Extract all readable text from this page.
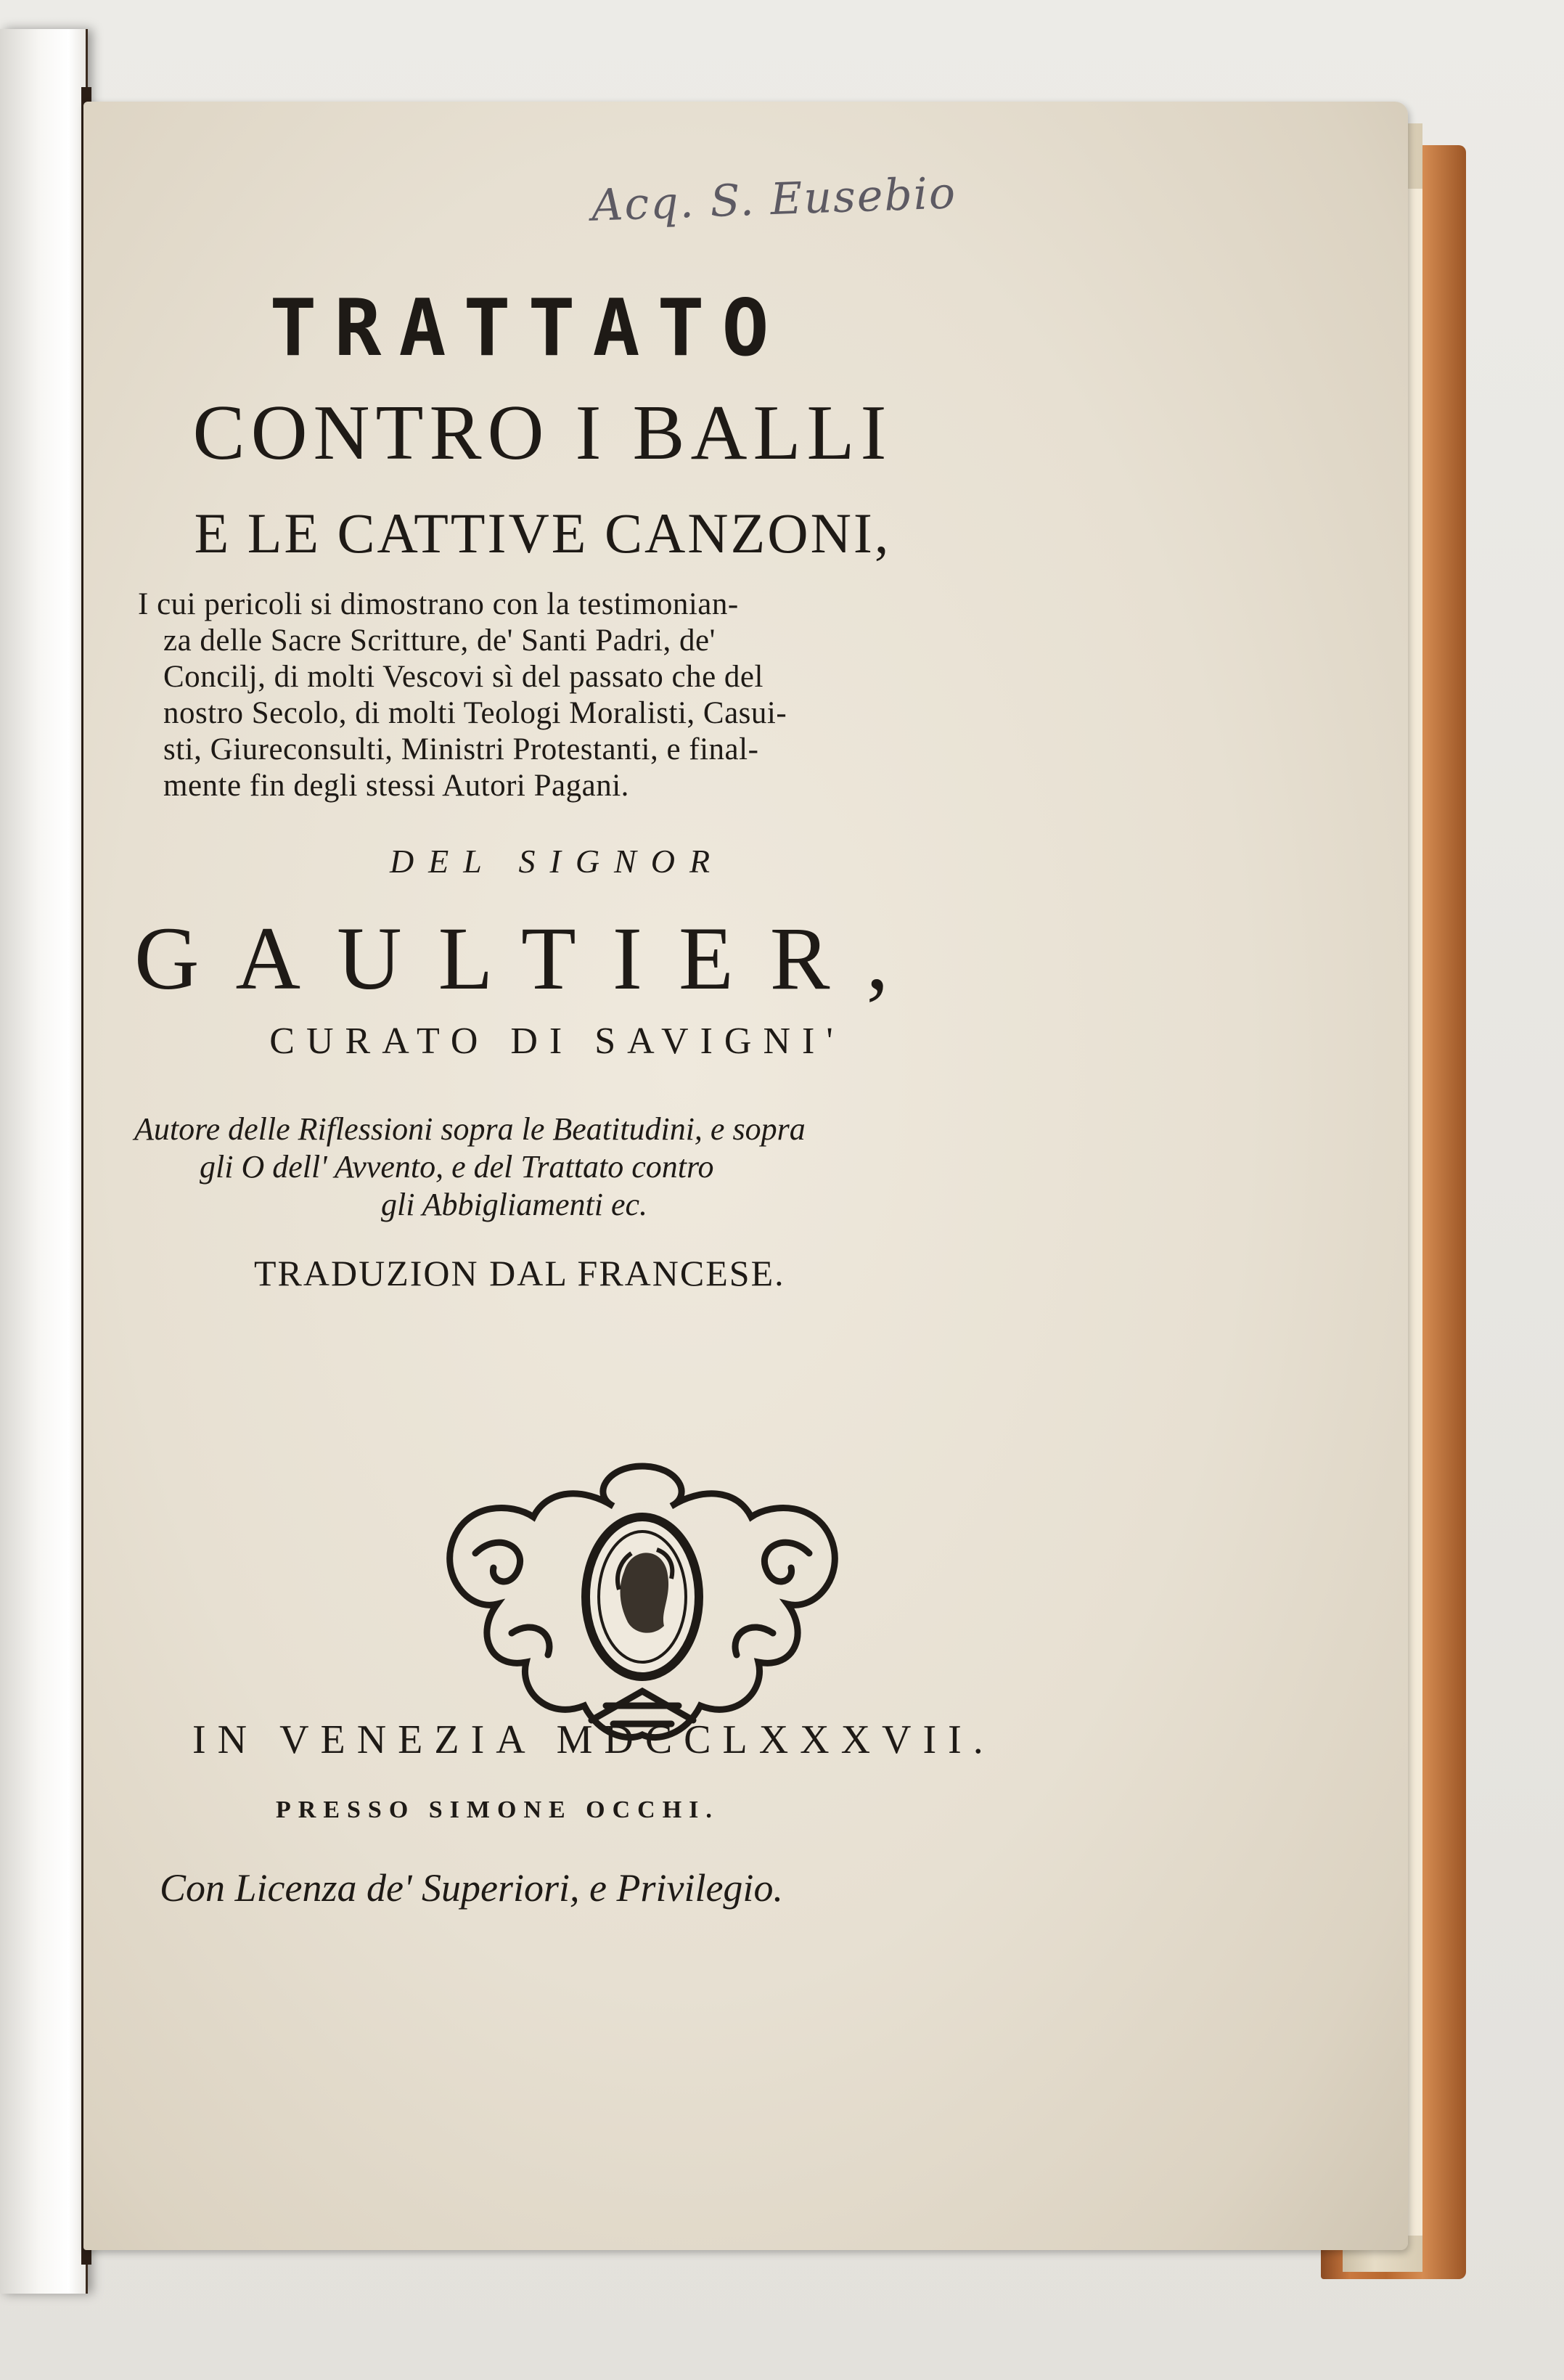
Acq. S. Eusebio
TRATTATO
CONTRO I BALLI
E LE CATTIVE CANZONI,
I cui pericoli si dimostrano con la testimonian-
za delle Sacre Scritture, de' Santi Padri, de'
Concilj, di molti Vescovi sì del passato che del
nostro Secolo, di molti Teologi Moralisti, Casui-
sti, Giureconsulti, Ministri Protestanti, e final-
mente fin degli stessi Autori Pagani.
DEL SIGNOR
GAULTIER,
CURATO DI SAVIGNI'
Autore delle Riflessioni sopra le Beatitudini, e sopra
gli O dell' Avvento, e del Trattato contro
gli Abbigliamenti ec.
TRADUZION DAL FRANCESE.
IN VENEZIA MDCCLXXXVII.
PRESSO SIMONE OCCHI.
Con Licenza de' Superiori, e Privilegio.
